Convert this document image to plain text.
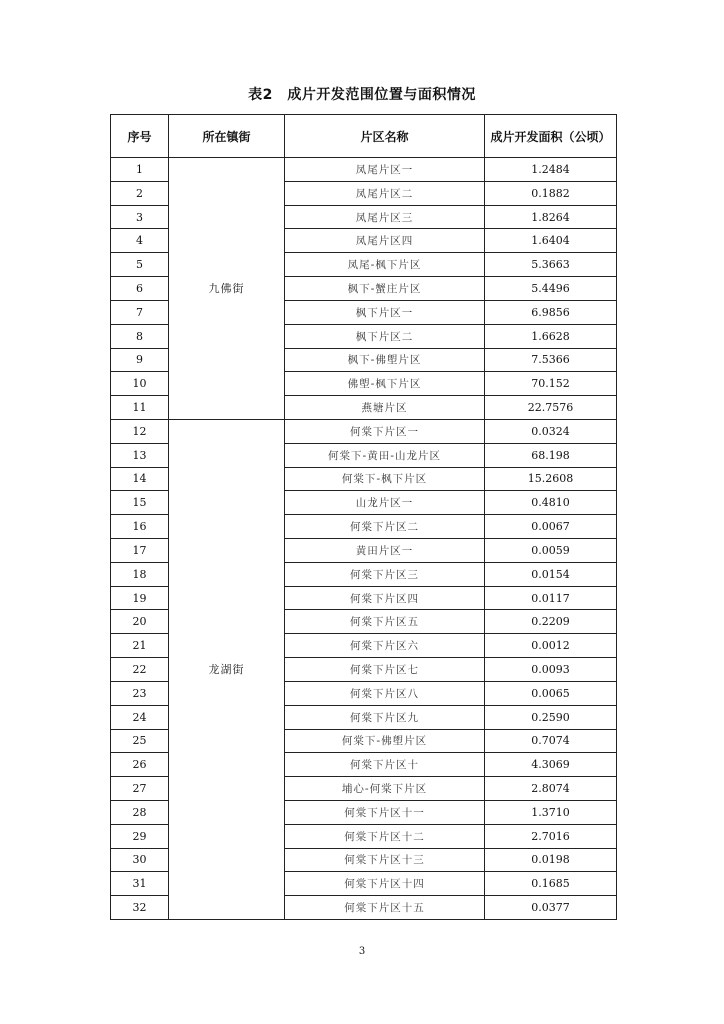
表2　成片开发范围位置与面积情况
序号	所在镇街	片区名称	成片开发面积（公顷）
1	九佛街	凤尾片区一	1.2484
2		凤尾片区二	0.1882
3		凤尾片区三	1.8264
4		凤尾片区四	1.6404
5		凤尾-枫下片区	5.3663
6		枫下-蟹庄片区	5.4496
7		枫下片区一	6.9856
8		枫下片区二	1.6628
9		枫下-佛塱片区	7.5366
10		佛塱-枫下片区	70.152
11		燕塘片区	22.7576
12	龙湖街	何棠下片区一	0.0324
13		何棠下-黄田-山龙片区	68.198
14		何棠下-枫下片区	15.2608
15		山龙片区一	0.4810
16		何棠下片区二	0.0067
17		黄田片区一	0.0059
18		何棠下片区三	0.0154
19		何棠下片区四	0.0117
20		何棠下片区五	0.2209
21		何棠下片区六	0.0012
22		何棠下片区七	0.0093
23		何棠下片区八	0.0065
24		何棠下片区九	0.2590
25		何棠下-佛塱片区	0.7074
26		何棠下片区十	4.3069
27		埔心-何棠下片区	2.8074
28		何棠下片区十一	1.3710
29		何棠下片区十二	2.7016
30		何棠下片区十三	0.0198
31		何棠下片区十四	0.1685
32		何棠下片区十五	0.0377
3
